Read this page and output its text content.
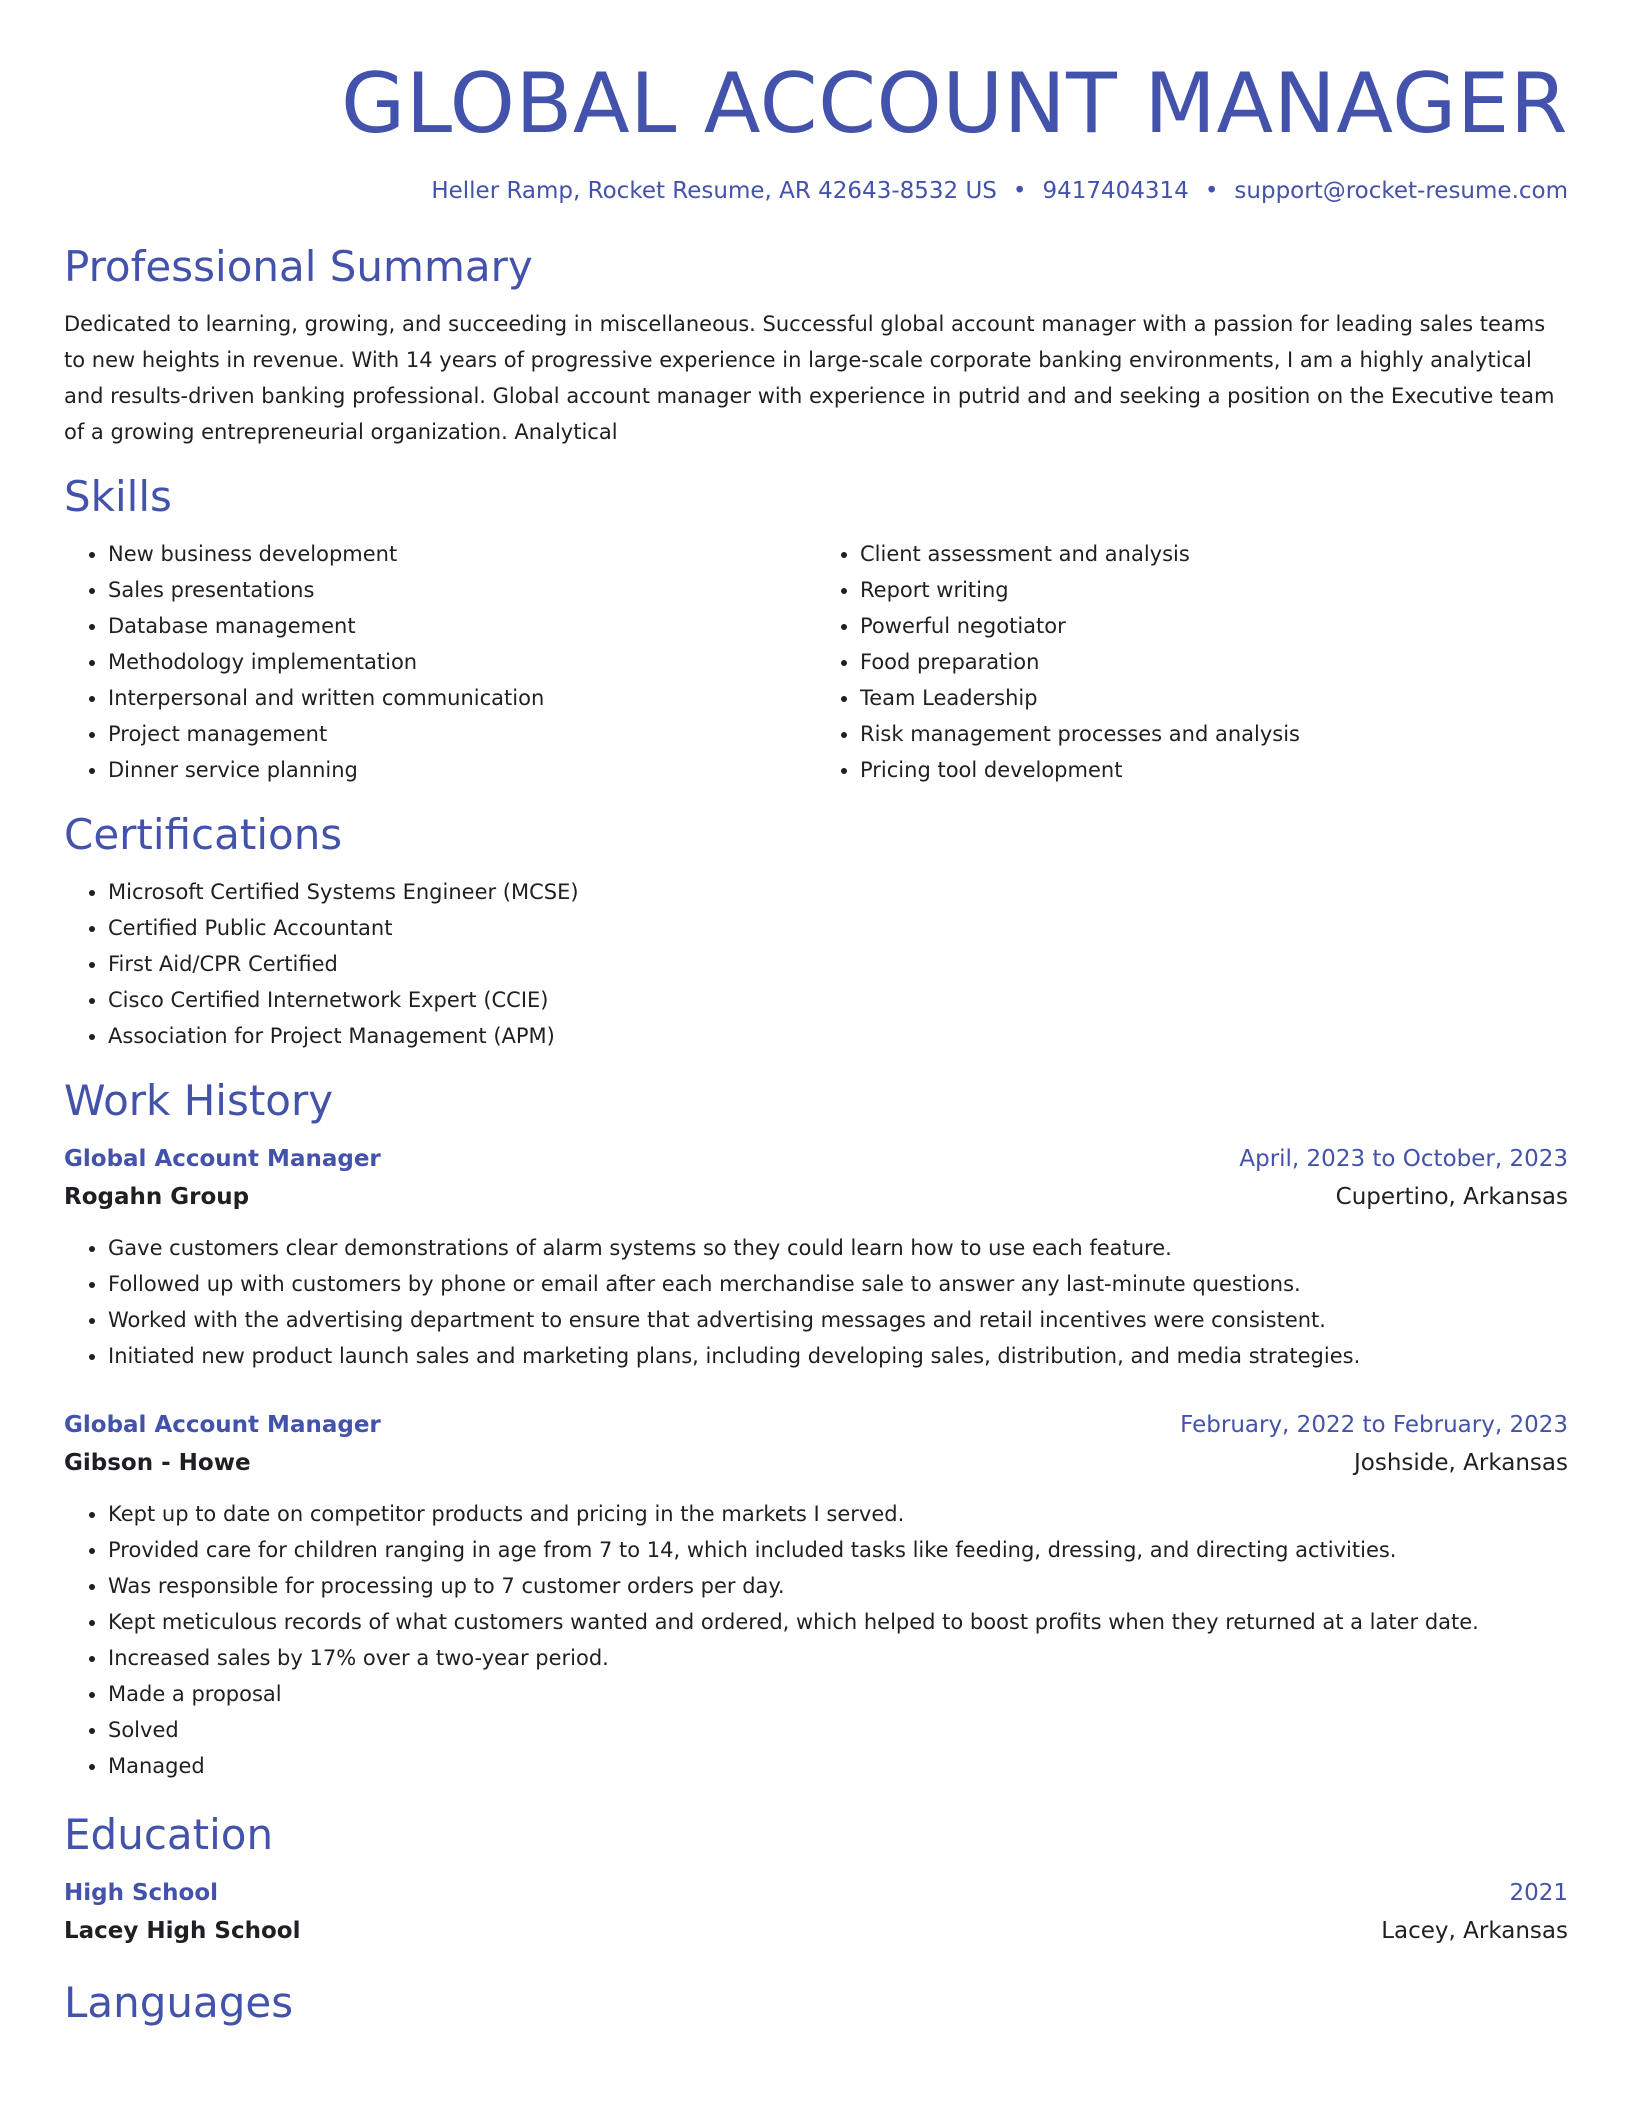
GLOBAL ACCOUNT MANAGER
Heller Ramp, Rocket Resume, AR 42643-8532 US • 9417404314 • support@rocket-resume.com
Professional Summary

Dedicated to learning, growing, and succeeding in miscellaneous. Successful global account manager with a passion for leading sales teams to new heights in revenue. With 14 years of progressive experience in large-scale corporate banking environments, I am a highly analytical and results-driven banking professional. Global account manager with experience in putrid and and seeking a position on the Executive team of a growing entrepreneurial organization. Analytical

Skills
• New business development
• Sales presentations
• Database management
• Methodology implementation
• Interpersonal and written communication
• Project management
• Dinner service planning
• Client assessment and analysis
• Report writing
• Powerful negotiator
• Food preparation
• Team Leadership
• Risk management processes and analysis
• Pricing tool development
Certifications
• Microsoft Certified Systems Engineer (MCSE)
• Certified Public Accountant
• First Aid/CPR Certified
• Cisco Certified Internetwork Expert (CCIE)
• Association for Project Management (APM)
Work History
Global Account Manager	April, 2023 to October, 2023
Rogahn Group	Cupertino, Arkansas
• Gave customers clear demonstrations of alarm systems so they could learn how to use each feature.
• Followed up with customers by phone or email after each merchandise sale to answer any last-minute questions.
• Worked with the advertising department to ensure that advertising messages and retail incentives were consistent.
• Initiated new product launch sales and marketing plans, including developing sales, distribution, and media strategies.
Global Account Manager	February, 2022 to February, 2023
Gibson - Howe	Joshside, Arkansas
• Kept up to date on competitor products and pricing in the markets I served.
• Provided care for children ranging in age from 7 to 14, which included tasks like feeding, dressing, and directing activities.
• Was responsible for processing up to 7 customer orders per day.
• Kept meticulous records of what customers wanted and ordered, which helped to boost profits when they returned at a later date.
• Increased sales by 17% over a two-year period.
• Made a proposal
• Solved
• Managed
Education
High School	2021
Lacey High School	Lacey, Arkansas
Languages
